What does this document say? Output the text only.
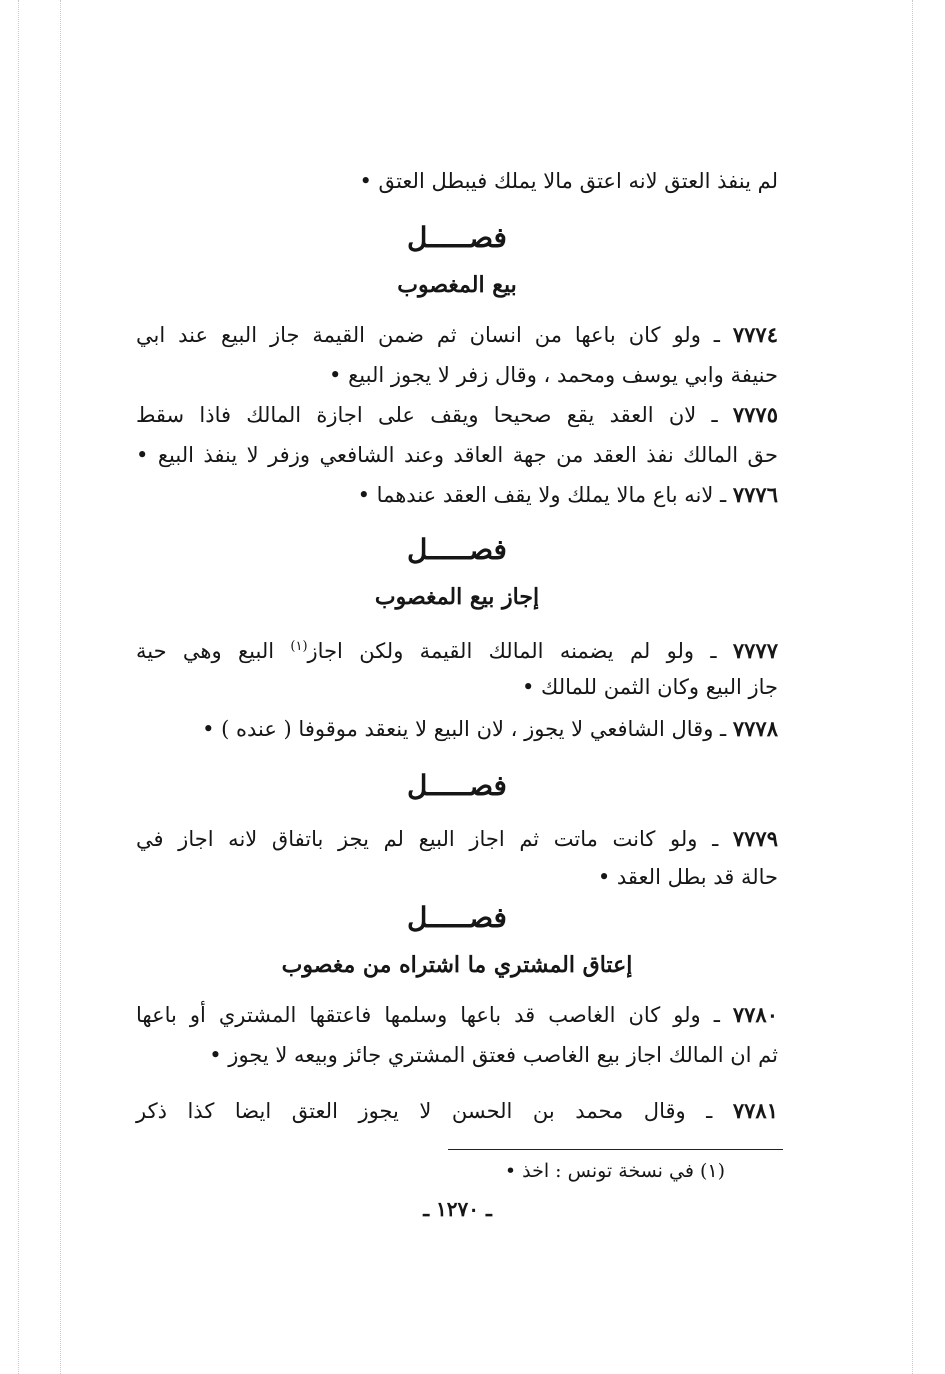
لم ينفذ العتق لانه اعتق مالا يملك فيبطل العتق •
فصـــــل
بيع المغصوب
٧٧٧٤ ـ ولو كان باعها من انسان ثم ضمن القيمة جاز البيع عند ابي
حنيفة وابي يوسف ومحمد ، وقال زفر لا يجوز البيع •
٧٧٧٥ ـ لان العقد يقع صحيحا ويقف على اجازة المالك فاذا سقط
حق المالك نفذ العقد من جهة العاقد وعند الشافعي وزفر لا ينفذ البيع •
٧٧٧٦ ـ لانه باع مالا يملك ولا يقف العقد عندهما •
فصـــــل
إجاز بيع المغصوب
٧٧٧٧ ـ ولو لم يضمنه المالك القيمة ولكن اجاز$^{(١)}$ البيع وهي حية
جاز البيع وكان الثمن للمالك •
٧٧٧٨ ـ وقال الشافعي لا يجوز ، لان البيع لا ينعقد موقوفا ( عنده ) •
فصـــــل
٧٧٧٩ ـ ولو كانت ماتت ثم اجاز البيع لم يجز باتفاق لانه اجاز في
حالة قد بطل العقد •
فصـــــل
إعتاق المشتري ما اشتراه من مغصوب
٧٧٨٠ ـ ولو كان الغاصب قد باعها وسلمها فاعتقها المشتري أو باعها
ثم ان المالك اجاز بيع الغاصب فعتق المشتري جائز وبيعه لا يجوز •
٧٧٨١ ـ وقال محمد بن الحسن لا يجوز العتق ايضا كذا ذكر
(١) في نسخة تونس : اخذ •
ـ ١٢٧٠ ـ
